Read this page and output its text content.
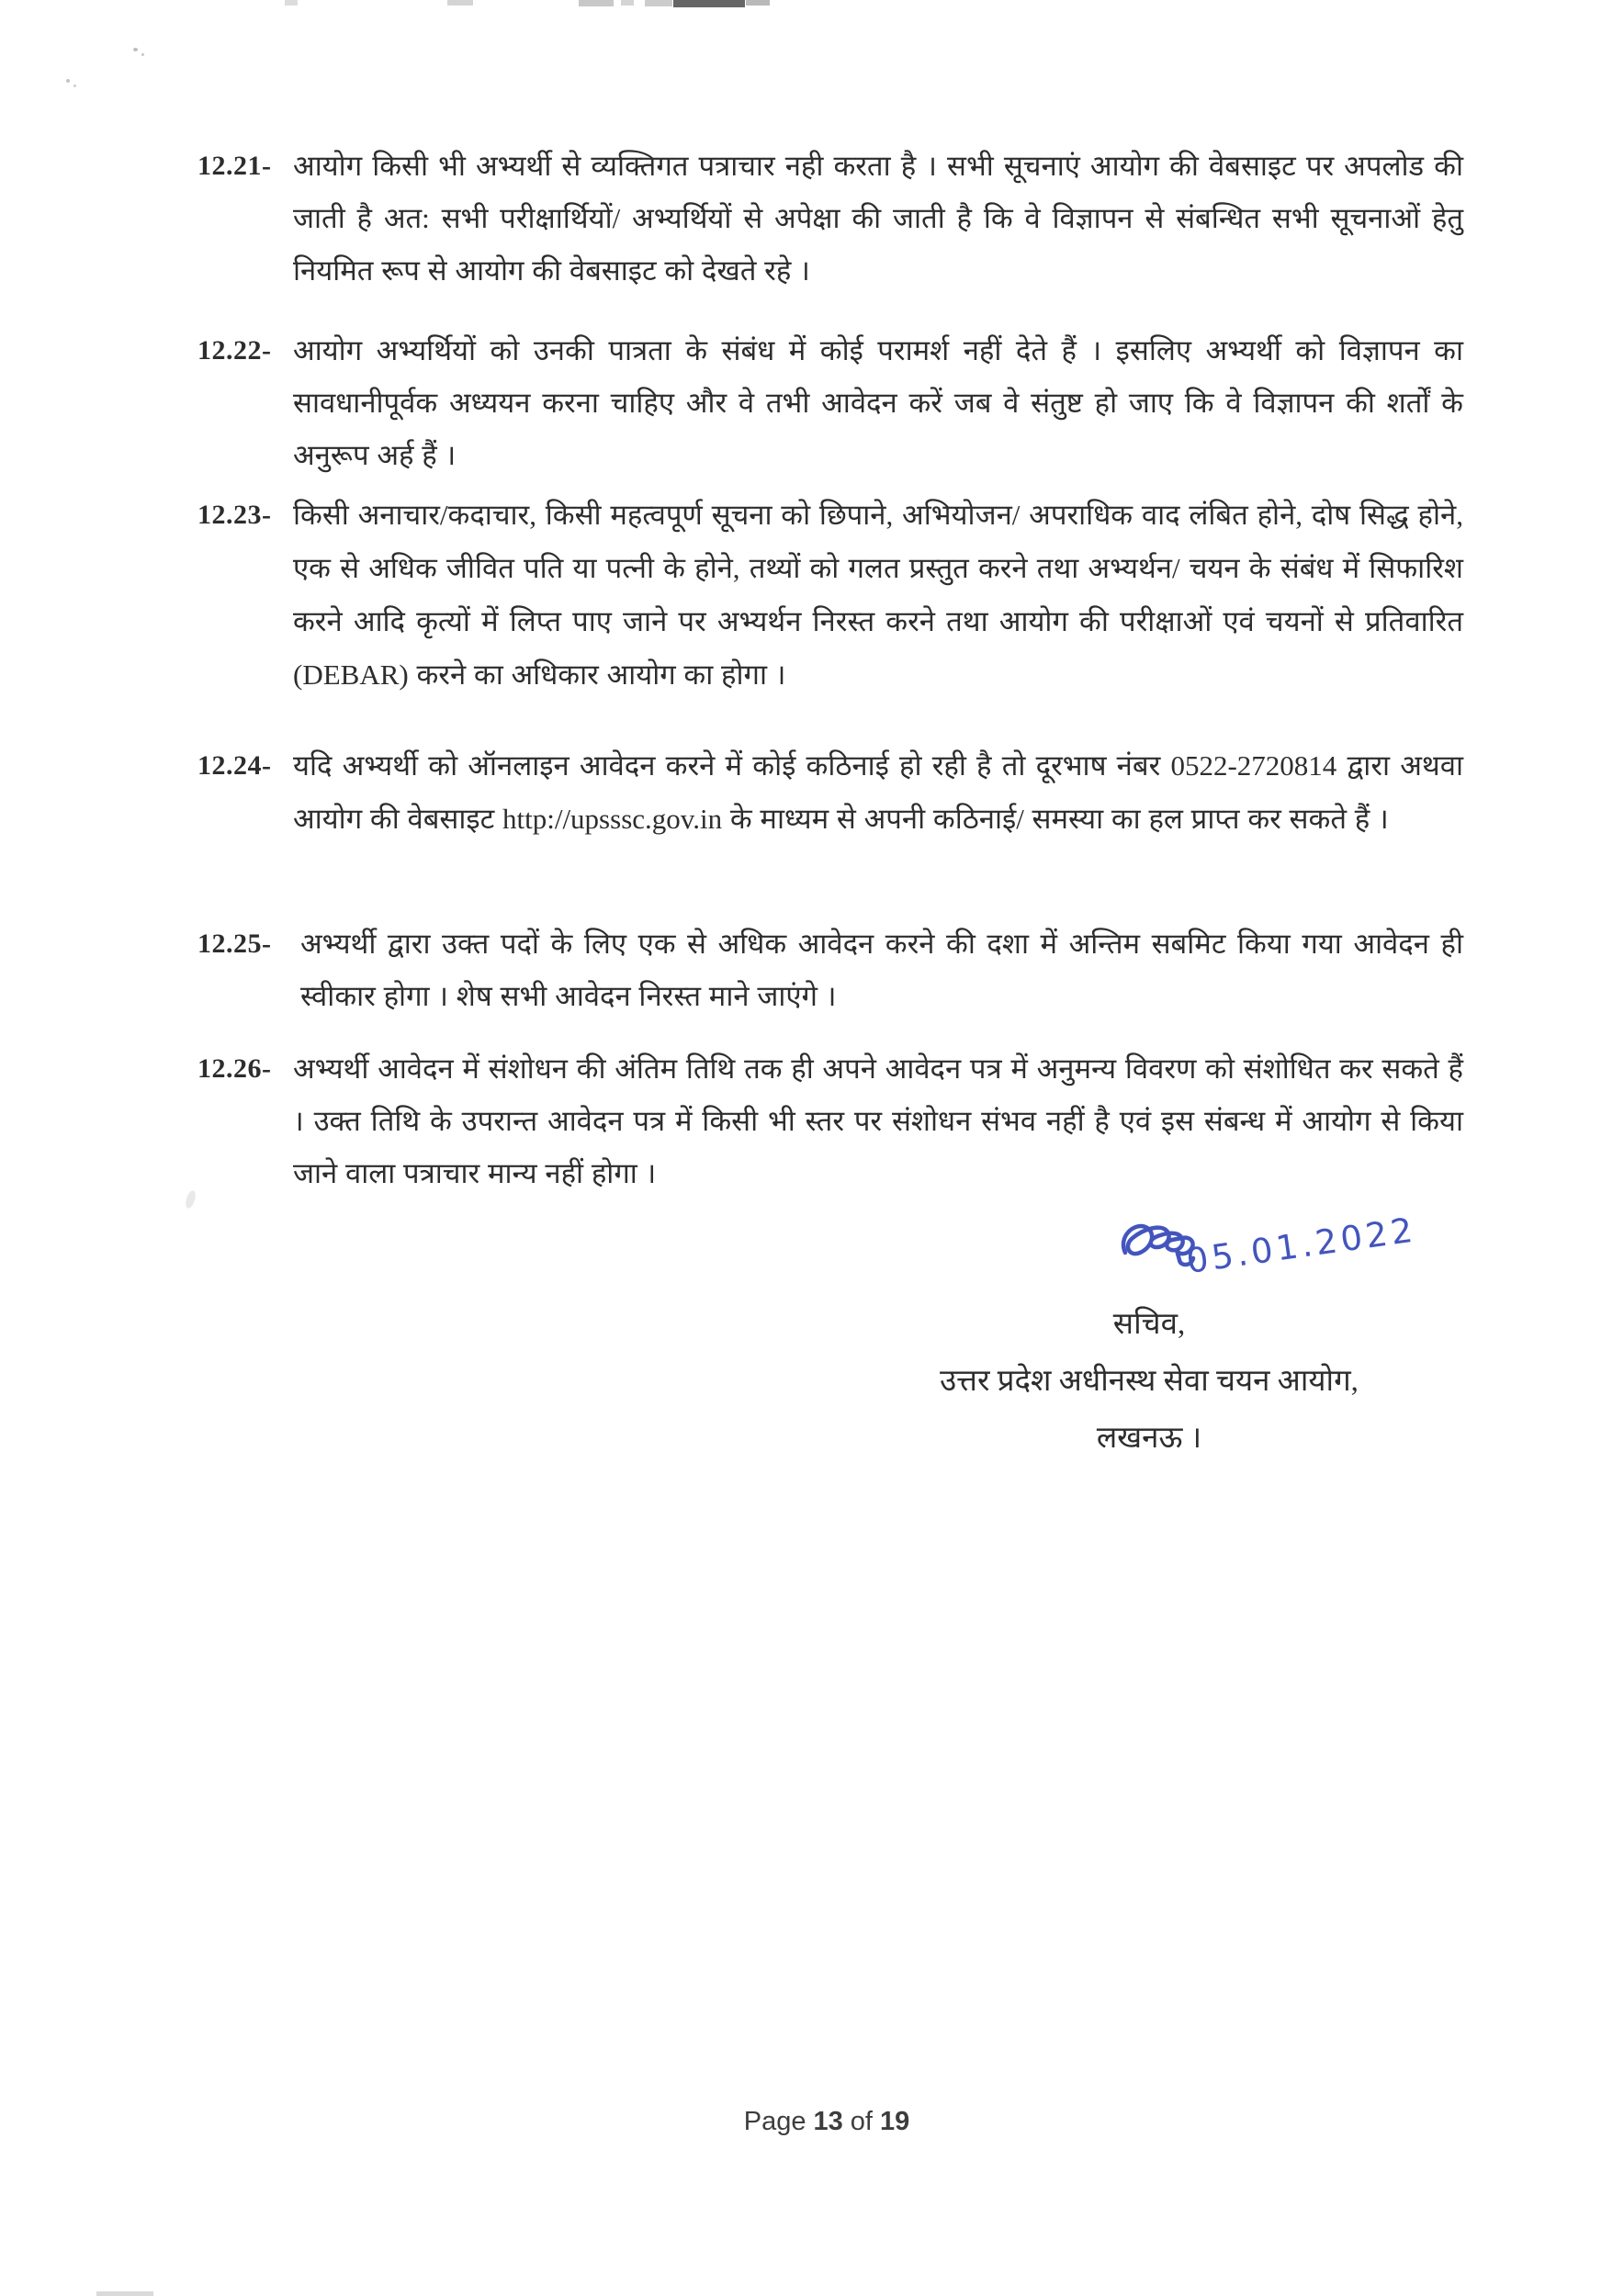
12.21- आयोग किसी भी अभ्यर्थी से व्यक्तिगत पत्राचार नही करता है । सभी सूचनाएं आयोग की वेबसाइट पर अपलोड की जाती है अत: सभी परीक्षार्थियों/ अभ्यर्थियों से अपेक्षा की जाती है कि वे विज्ञापन से संबन्धित सभी सूचनाओं हेतु नियमित रूप से आयोग की वेबसाइट को देखते रहे ।
12.22- आयोग अभ्यर्थियों को उनकी पात्रता के संबंध में कोई परामर्श नहीं देते हैं । इसलिए अभ्यर्थी को विज्ञापन का सावधानीपूर्वक अध्ययन करना चाहिए और वे तभी आवेदन करें जब वे संतुष्ट हो जाए कि वे विज्ञापन की शर्तों के अनुरूप अर्ह हैं ।
12.23- किसी अनाचार/कदाचार, किसी महत्वपूर्ण सूचना को छिपाने, अभियोजन/ अपराधिक वाद लंबित होने, दोष सिद्ध होने, एक से अधिक जीवित पति या पत्नी के होने, तथ्यों को गलत प्रस्तुत करने तथा अभ्यर्थन/ चयन के संबंध में सिफारिश करने आदि कृत्यों में लिप्त पाए जाने पर अभ्यर्थन निरस्त करने तथा आयोग की परीक्षाओं एवं चयनों से प्रतिवारित (DEBAR) करने का अधिकार आयोग का होगा ।
12.24- यदि अभ्यर्थी को ऑनलाइन आवेदन करने में कोई कठिनाई हो रही है तो दूरभाष नंबर 0522-2720814 द्वारा अथवा आयोग की वेबसाइट http://upsssc.gov.in के माध्यम से अपनी कठिनाई/ समस्या का हल प्राप्त कर सकते हैं ।
12.25- अभ्यर्थी द्वारा उक्त पदों के लिए एक से अधिक आवेदन करने की दशा में अन्तिम सबमिट किया गया आवेदन ही स्वीकार होगा । शेष सभी आवेदन निरस्त माने जाएंगे ।
12.26- अभ्यर्थी आवेदन में संशोधन की अंतिम तिथि तक ही अपने आवेदन पत्र में अनुमन्य विवरण को संशोधित कर सकते हैं । उक्त तिथि के उपरान्त आवेदन पत्र में किसी भी स्तर पर संशोधन संभव नहीं है एवं इस संबन्ध में आयोग से किया जाने वाला पत्राचार मान्य नहीं होगा ।
05.01.2022
सचिव,
उत्तर प्रदेश अधीनस्थ सेवा चयन आयोग,
लखनऊ ।
Page 13 of 19
